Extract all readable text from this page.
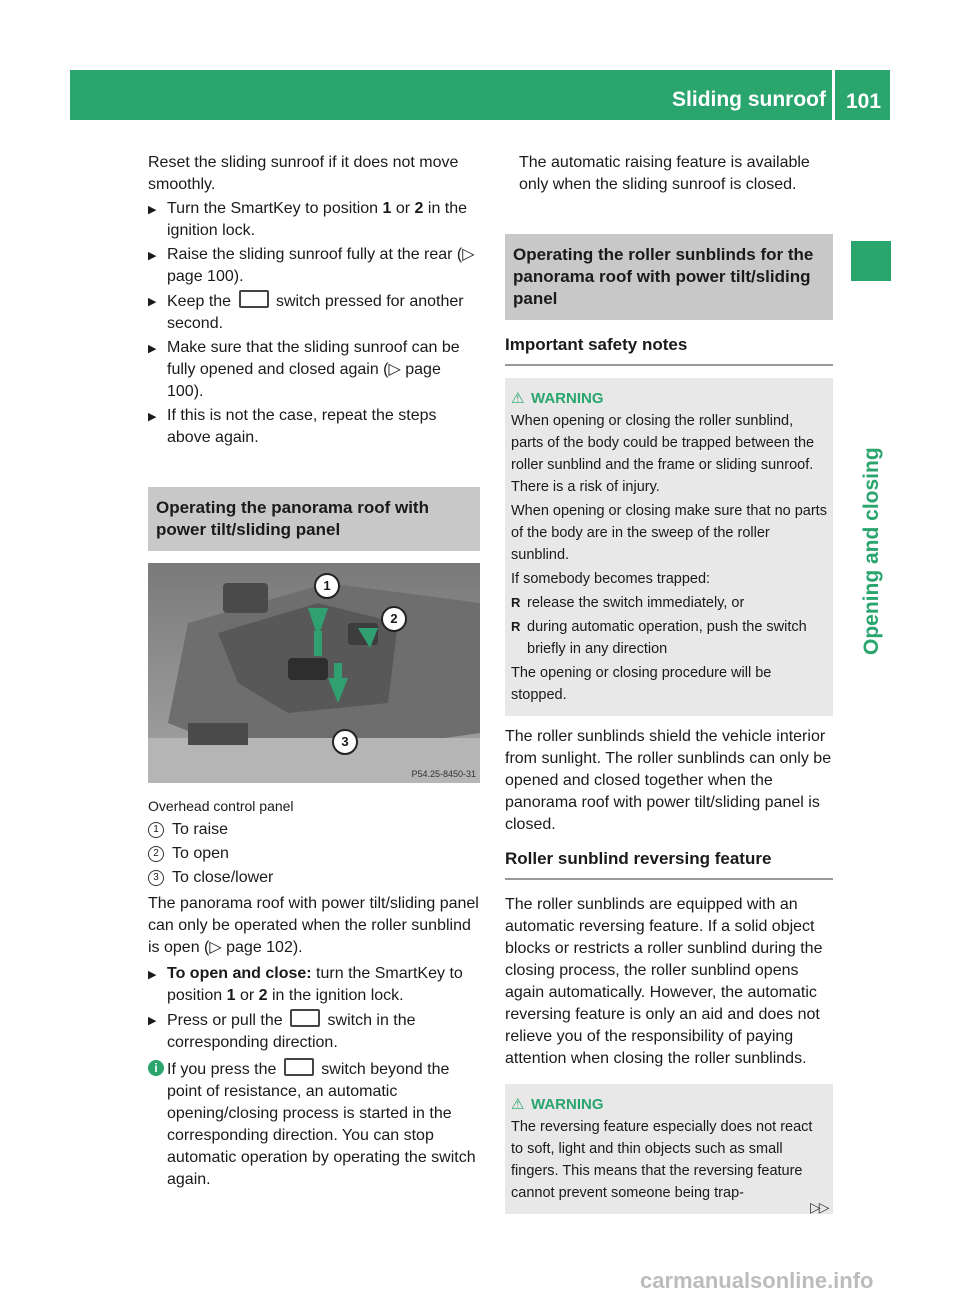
Sliding sunroof 101
Opening and closing

Reset the sliding sunroof if it does not move smoothly.

▶ Turn the SmartKey to position 1 or 2 in the ignition lock.

▶ Raise the sliding sunroof fully at the rear (▷ page 100).

▶ Keep the  switch pressed for another second.

▶ Make sure that the sliding sunroof can be fully opened and closed again (▷ page 100).

▶ If this is not the case, repeat the steps above again.

Operating the panorama roof with power tilt/sliding panel
1
2
3
P54.25-8450-31

Overhead control panel

1 To raise

2 To open

3 To close/lower

The panorama roof with power tilt/sliding panel can only be operated when the roller sunblind is open (▷ page 102).

▶ To open and close: turn the SmartKey to position 1 or 2 in the ignition lock.

▶ Press or pull the  switch in the corresponding direction.

i If you press the  switch beyond the point of resistance, an automatic opening/closing process is started in the corresponding direction. You can stop automatic operation by operating the switch again.

The automatic raising feature is available only when the sliding sunroof is closed.

Operating the roller sunblinds for the panorama roof with power tilt/sliding panel

Important safety notes

⚠ WARNING

When opening or closing the roller sunblind, parts of the body could be trapped between the roller sunblind and the frame or sliding sunroof. There is a risk of injury.

When opening or closing make sure that no parts of the body are in the sweep of the roller sunblind.

If somebody becomes trapped:

R release the switch immediately, or

R during automatic operation, push the switch briefly in any direction

The opening or closing procedure will be stopped.

The roller sunblinds shield the vehicle interior from sunlight. The roller sunblinds can only be opened and closed together when the panorama roof with power tilt/sliding panel is closed.

Roller sunblind reversing feature

The roller sunblinds are equipped with an automatic reversing feature. If a solid object blocks or restricts a roller sunblind during the closing process, the roller sunblind opens again automatically. However, the automatic reversing feature is only an aid and does not relieve you of the responsibility of paying attention when closing the roller sunblinds.

⚠ WARNING

The reversing feature especially does not react to soft, light and thin objects such as small fingers. This means that the reversing feature cannot prevent someone being trap-

▷▷
carmanualsonline.info
